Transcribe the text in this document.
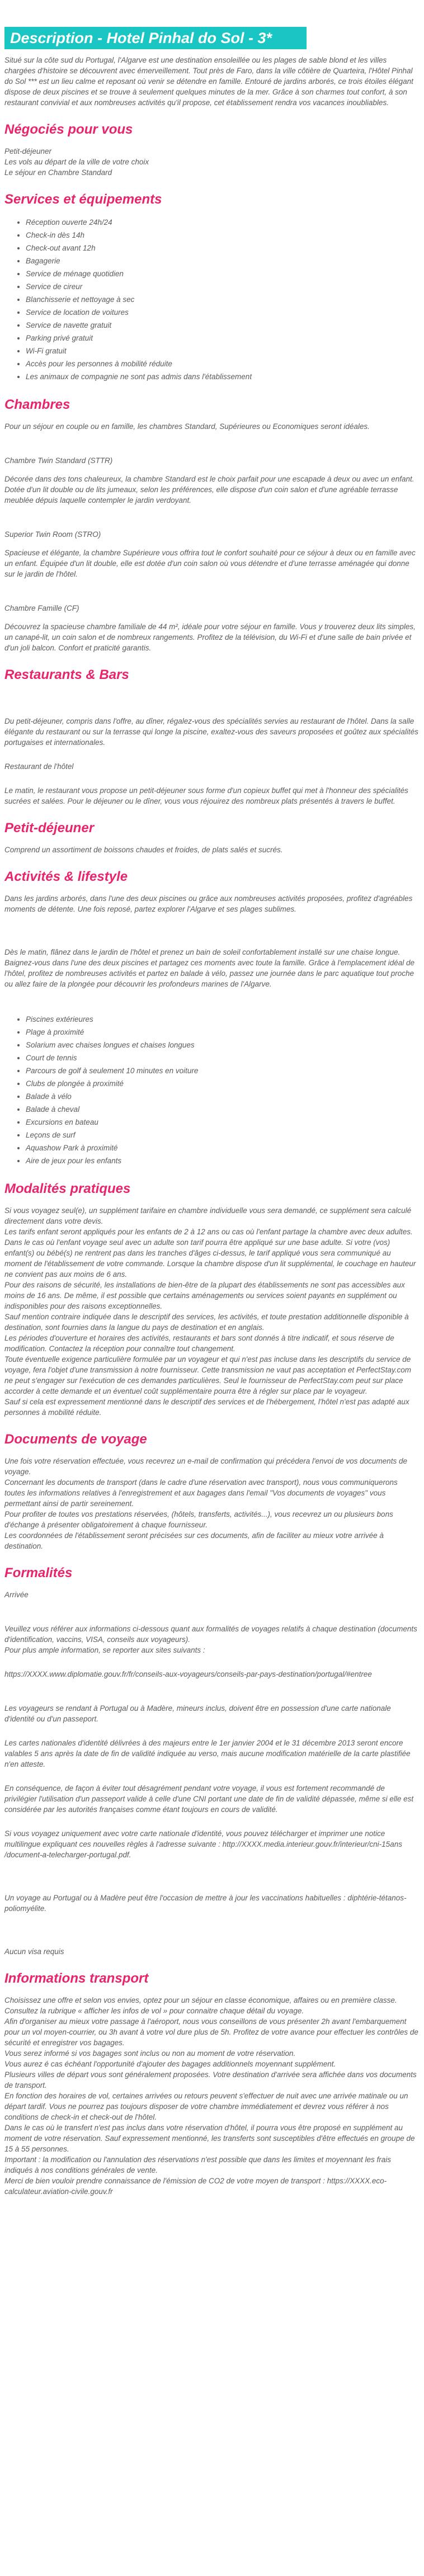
Description - Hotel Pinhal do Sol - 3*

Situé sur la côte sud du Portugal, l'Algarve est une destination ensoleillée ou les plages de sable blond et les villes chargées d'histoire se découvrent avec émerveillement. Tout près de Faro, dans la ville côtière de Quarteira, l'Hôtel Pinhal do Sol *** est un lieu calme et reposant où venir se détendre en famille. Entouré de jardins arborés, ce trois étoiles élégant dispose de deux piscines et se trouve à seulement quelques minutes de la mer. Grâce à son charmes tout confort, à son restaurant convivial et aux nombreuses activités qu'il propose, cet établissement rendra vos vacances inoubliables.

Négociés pour vous

Petit-déjeuner
Les vols au départ de la ville de votre choix
Le séjour en Chambre Standard

Services et équipements
• Réception ouverte 24h/24
• Check-in dès 14h
• Check-out avant 12h
• Bagagerie
• Service de ménage quotidien
• Service de cireur
• Blanchisserie et nettoyage à sec
• Service de location de voitures
• Service de navette gratuit
• Parking privé gratuit
• Wi-Fi gratuit
• Accès pour les personnes à mobilité réduite
• Les animaux de compagnie ne sont pas admis dans l'établissement
Chambres

Pour un séjour en couple ou en famille, les chambres Standard, Supérieures ou Economiques seront idéales.

Chambre Twin Standard (STTR)

Décorée dans des tons chaleureux, la chambre Standard est le choix parfait pour une escapade à deux ou avec un enfant. Dotée d'un lit double ou de lits jumeaux, selon les préférences, elle dispose d'un coin salon et d'une agréable terrasse meublée dépuis laquelle contempler le jardin verdoyant.

Superior Twin Room (STRO)

Spacieuse et élégante, la chambre Supérieure vous offrira tout le confort souhaité pour ce séjour à deux ou en famille avec un enfant. Équipée d'un lit double, elle est dotée d'un coin salon où vous détendre et d'une terrasse aménagée qui donne sur le jardin de l'hôtel.

Chambre Famille (CF)

Découvrez la spacieuse chambre familiale de 44 m², idéale pour votre séjour en famille. Vous y trouverez deux lits simples, un canapé-lit, un coin salon et de nombreux rangements. Profitez de la télévision, du Wi-Fi et d'une salle de bain privée et d'un joli balcon. Confort et praticité garantis.

Restaurants & Bars

Du petit-déjeuner, compris dans l'offre, au dîner, régalez-vous des spécialités servies au restaurant de l'hôtel. Dans la salle élégante du restaurant ou sur la terrasse qui longe la piscine, exaltez-vous des saveurs proposées et goûtez aux spécialités portugaises et internationales.

Restaurant de l'hôtel

Le matin, le restaurant vous propose un petit-déjeuner sous forme d'un copieux buffet qui met à l'honneur des spécialités sucrées et salées. Pour le déjeuner ou le dîner, vous vous réjouirez des nombreux plats présentés à travers le buffet.

Petit-déjeuner

Comprend un assortiment de boissons chaudes et froides, de plats salés et sucrés.

Activités & lifestyle

Dans les jardins arborés, dans l'une des deux piscines ou grâce aux nombreuses activités proposées, profitez d'agréables moments de détente. Une fois reposé, partez explorer l'Algarve et ses plages sublimes.

Dès le matin, flânez dans le jardin de l'hôtel et prenez un bain de soleil confortablement installé sur une chaise longue. Baignez-vous dans l'une des deux piscines et partagez ces moments avec toute la famille. Grâce à l'emplacement idéal de l'hôtel, profitez de nombreuses activités et partez en balade à vélo, passez une journée dans le parc aquatique tout proche ou allez faire de la plongée pour découvrir les profondeurs marines de l'Algarve.

• Piscines extérieures
• Plage à proximité
• Solarium avec chaises longues et chaises longues
• Court de tennis
• Parcours de golf à seulement 10 minutes en voiture
• Clubs de plongée à proximité
• Balade à vélo
• Balade à cheval
• Excursions en bateau
• Leçons de surf
• Aquashow Park à proximité
• Aire de jeux pour les enfants
Modalités pratiques

Si vous voyagez seul(e), un supplément tarifaire en chambre individuelle vous sera demandé, ce supplément sera calculé directement dans votre devis.
Les tarifs enfant seront appliqués pour les enfants de 2 à 12 ans ou cas où l'enfant partage la chambre avec deux adultes.
Dans le cas où l'enfant voyage seul avec un adulte son tarif pourra être appliqué sur une base adulte. Si votre (vos) enfant(s) ou bébé(s) ne rentrent pas dans les tranches d'âges ci-dessus, le tarif appliqué vous sera communiqué au moment de l'établissement de votre commande. Lorsque la chambre dispose d'un lit supplémental, le couchage en hauteur ne convient pas aux moins de 6 ans.
Pour des raisons de sécurité, les installations de bien-être de la plupart des établissements ne sont pas accessibles aux moins de 16 ans. De même, il est possible que certains aménagements ou services soient payants en supplément ou indisponibles pour des raisons exceptionnelles.
Sauf mention contraire indiquée dans le descriptif des services, les activités, et toute prestation additionnelle disponible à destination, sont fournies dans la langue du pays de destination et en anglais.
Les périodes d'ouverture et horaires des activités, restaurants et bars sont donnés à titre indicatif, et sous réserve de modification. Contactez la réception pour connaître tout changement.
Toute éventuelle exigence particulière formulée par un voyageur et qui n'est pas incluse dans les descriptifs du service de voyage, fera l'objet d'une transmission à notre fournisseur. Cette transmission ne vaut pas acceptation et PerfectStay.com ne peut s'engager sur l'exécution de ces demandes particulières. Seul le fournisseur de PerfectStay.com peut sur place accorder à cette demande et un éventuel coût supplémentaire pourra être à régler sur place par le voyageur.
Sauf si cela est expressement mentionné dans le descriptif des services et de l'hébergement, l'hôtel n'est pas adapté aux personnes à mobilité réduite.

Documents de voyage

Une fois votre réservation effectuée, vous recevrez un e-mail de confirmation qui précédera l'envoi de vos documents de voyage.
Concernant les documents de transport (dans le cadre d'une réservation avec transport), nous vous communiquerons toutes les informations relatives à l'enregistrement et aux bagages dans l'email "Vos documents de voyages" vous permettant ainsi de partir sereinement.
Pour profiter de toutes vos prestations réservées, (hôtels, transferts, activités...), vous recevrez un ou plusieurs bons d'échange à présenter obligatoirement à chaque fournisseur.
Les coordonnées de l'établissement seront précisées sur ces documents, afin de faciliter au mieux votre arrivée à destination.

Formalités

Arrivée

Veuillez vous référer aux informations ci-dessous quant aux formalités de voyages relatifs à chaque destination (documents d'identification, vaccins, VISA, conseils aux voyageurs).
Pour plus ample information, se reporter aux sites suivants :

https://XXXX.www.diplomatie.gouv.fr/fr/conseils-aux-voyageurs/conseils-par-pays-destination/portugal/#entree

Les voyageurs se rendant à Portugal ou à Madère, mineurs inclus, doivent être en possession d'une carte nationale d'identité ou d'un passeport.

Les cartes nationales d'identité délivrées à des majeurs entre le 1er janvier 2004 et le 31 décembre 2013 seront encore valables 5 ans après la date de fin de validité indiquée au verso, mais aucune modification matérielle de la carte plastifiée n'en atteste.

En conséquence, de façon à éviter tout désagrément pendant votre voyage, il vous est fortement recommandé de privilégier l'utilisation d'un passeport valide à celle d'une CNI portant une date de fin de validité dépassée, même si elle est considérée par les autorités françaises comme étant toujours en cours de validité.

Si vous voyagez uniquement avec votre carte nationale d'identité, vous pouvez télécharger et imprimer une notice multilingue expliquant ces nouvelles règles à l'adresse suivante : http://XXXX.media.interieur.gouv.fr/interieur/cni-15ans /document-a-telecharger-portugal.pdf.

Un voyage au Portugal ou à Madère peut être l'occasion de mettre à jour les vaccinations habituelles : diphtérie-tétanos-poliomyélite.

Aucun visa requis

Informations transport

Choisissez une offre et selon vos envies, optez pour un séjour en classe économique, affaires ou en première classe.
Consultez la rubrique « afficher les infos de vol » pour connaitre chaque détail du voyage.
Afin d'organiser au mieux votre passage à l'aéroport, nous vous conseillons de vous présenter 2h avant l'embarquement pour un vol moyen-courrier, ou 3h avant à votre vol dure plus de 5h. Profitez de votre avance pour effectuer les contrôles de sécurité et enregistrer vos bagages.
Vous serez informé si vos bagages sont inclus ou non au moment de votre réservation.
Vous aurez é cas échéant l'opportunité d'ajouter des bagages additionnels moyennant supplément.
Plusieurs villes de départ vous sont généralement proposées. Votre destination d'arrivée sera affichée dans vos documents de transport.
En fonction des horaires de vol, certaines arrivées ou retours peuvent s'effectuer de nuit avec une arrivée matinale ou un départ tardif. Vous ne pourrez pas toujours disposer de votre chambre immédiatement et devrez vous référer à nos conditions de check-in et check-out de l'hôtel.
Dans le cas où le transfert n'est pas inclus dans votre réservation d'hôtel, il pourra vous être proposé en supplément au moment de votre réservation. Sauf expressement mentionné, les transferts sont susceptibles d'être effectués en groupe de 15 à 55 personnes.
Important : la modification ou l'annulation des réservations n'est possible que dans les limites et moyennant les frais indiqués à nos conditions générales de vente.
Merci de bien vouloir prendre connaissance de l'émission de CO2 de votre moyen de transport : https://XXXX.eco-calculateur.aviation-civile.gouv.fr
